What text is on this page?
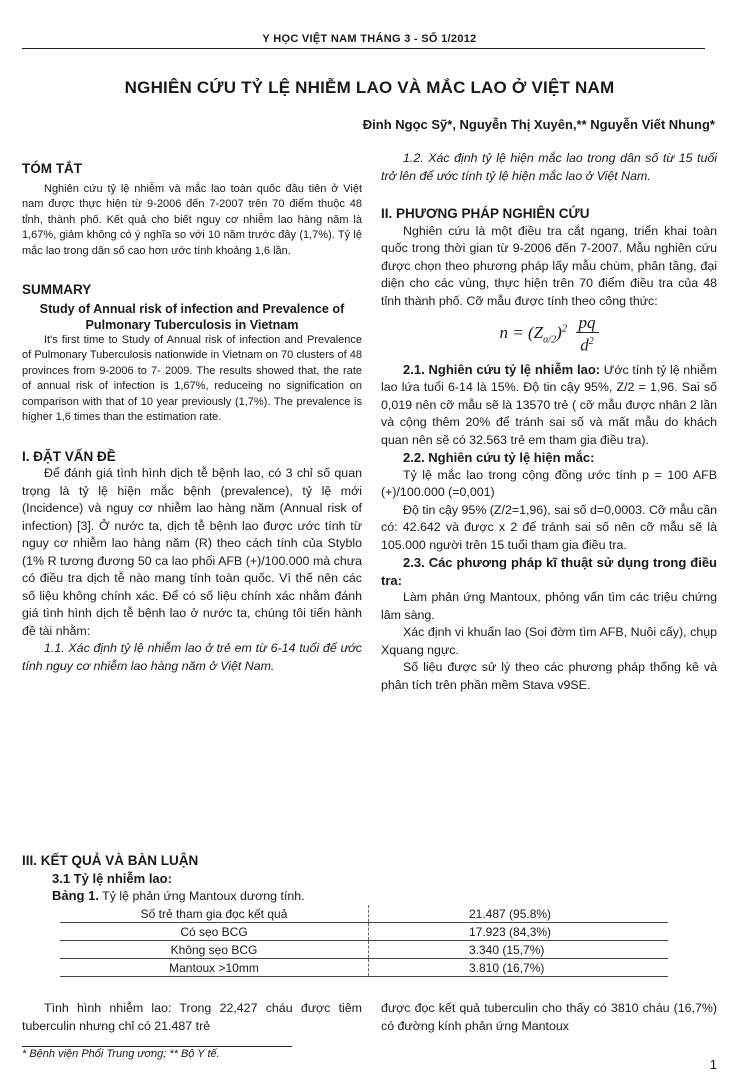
Y HỌC VIỆT NAM THÁNG 3 - SỐ 1/2012
NGHIÊN CỨU TỶ LỆ NHIỄM LAO VÀ MẮC LAO Ở VIỆT NAM
Đinh Ngọc Sỹ*, Nguyễn Thị Xuyên,** Nguyễn Viết Nhung*

TÓM TẮT

Nghiên cứu tỷ lệ nhiễm và mắc lao toàn quốc đầu tiên ở Việt nam được thực hiện từ 9-2006 đến 7-2007 trên 70 điểm thuộc 48 tỉnh, thành phố. Kết quả cho biết nguy cơ nhiễm lao hàng năm là 1,67%, giảm không có ý nghĩa so với 10 năm trước đây (1,7%). Tỷ lệ mắc lao trong dân số cao hơn ước tính khoảng 1,6 lần.

SUMMARY

Study of Annual risk of infection and Prevalence of Pulmonary Tuberculosis in Vietnam

It's first time to Study of Annual risk of infection and Prevalence of Pulmonary Tuberculosis nationwide in Vietnam on 70 clusters of 48 provinces from 9-2006 to 7- 2009. The results showed that, the rate of annual risk of infection is 1,67%, reduceing no signification on comparison with that of 10 year previously (1,7%). The prevalence is higher 1,6 times than the estimation rate.

I. ĐẶT VẤN ĐỀ

Để đánh giá tình hình dịch tễ bệnh lao, có 3 chỉ số quan trọng là tỷ lệ hiện mắc bệnh (prevalence), tỷ lệ mới (Incidence) và nguy cơ nhiễm lao hàng năm (Annual risk of infection) [3]. Ở nước ta, dịch tễ bệnh lao được ước tính từ nguy cơ nhiễm lao hàng năm (R) theo cách tính của Styblo (1% R tương đương 50 ca lao phổi AFB (+)/100.000 mà chưa có điều tra dịch tễ nào mang tính toàn quốc. Vì thế nên các số liệu không chính xác. Để có số liệu chính xác nhằm đánh giá tình hình dịch tễ bệnh lao ở nước ta, chúng tôi tiến hành đề tài nhằm:

1.1. Xác định tỷ lệ nhiễm lao ở trẻ em từ 6-14 tuổi để ước tính nguy cơ nhiễm lao hàng năm ở Việt Nam.

1.2. Xác định tỷ lệ hiện mắc lao trong dân số từ 15 tuổi trở lên để ước tính tỷ lệ hiện mắc lao ở Việt Nam.

II. PHƯƠNG PHÁP NGHIÊN CỨU

Nghiên cứu là một điều tra cắt ngang, triển khai toàn quốc trong thời gian từ 9-2006 đến 7-2007. Mẫu nghiên cứu được chọn theo phương pháp lấy mẫu chùm, phân tầng, đại diện cho các vùng, thực hiện trên 70 điểm điều tra của 48 tỉnh thành phố. Cỡ mẫu được tính theo công thức:

$n = (Z_{\alpha/2})^2 \frac{pq}{d^2}$

2.1. Nghiên cứu tỷ lệ nhiễm lao: Ước tính tỷ lệ nhiễm lao lứa tuổi 6-14 là 15%. Độ tin cậy 95%, Z/2 = 1,96. Sai số 0,019 nên cỡ mẫu sẽ là 13570 trẻ ( cỡ mẫu được nhân 2 lần và cộng thêm 20% để tránh sai số và mất mẫu do khách quan nên sẽ có 32.563 trẻ em tham gia điều tra).

2.2. Nghiên cứu tỷ lệ hiện mắc:

Tỷ lệ mắc lao trong cộng đồng ước tính p = 100 AFB (+)/100.000 (=0,001)

Độ tin cậy 95% (Z/2=1,96), sai số d=0,0003. Cỡ mẫu cần có: 42.642 và được x 2 để tránh sai số nên cỡ mẫu sẽ là 105.000 người trên 15 tuổi tham gia điều tra.

2.3. Các phương pháp kĩ thuật sử dụng trong điều tra:

Làm phản ứng Mantoux, phỏng vấn tìm các triệu chứng lâm sàng.

Xác định vi khuẩn lao (Soi đờm tìm AFB, Nuôi cấy), chụp Xquang ngực.

Số liệu được sử lý theo các phương pháp thống kê và phân tích trên phần mềm Stava v9SE.

III. KẾT QUẢ VÀ BÀN LUẬN

3.1 Tỷ lệ nhiễm lao:

Bảng 1. Tỷ lệ phản ứng Mantoux dương tính.

Số trẻ tham gia đọc kết quả	21.487 (95.8%)
Có sẹo BCG	17.923 (84,3%)
Không sẹo BCG	3.340 (15,7%)
Mantoux >10mm	3.810 (16,7%)

Tình hình nhiễm lao: Trong 22,427 cháu được tiêm tuberculin nhưng chỉ có 21.487 trẻ

được đọc kết quả tuberculin cho thấy có 3810 cháu (16,7%) có đường kính phản ứng Mantoux

* Bệnh viện Phổi Trung ương; ** Bộ Y tế.
1
